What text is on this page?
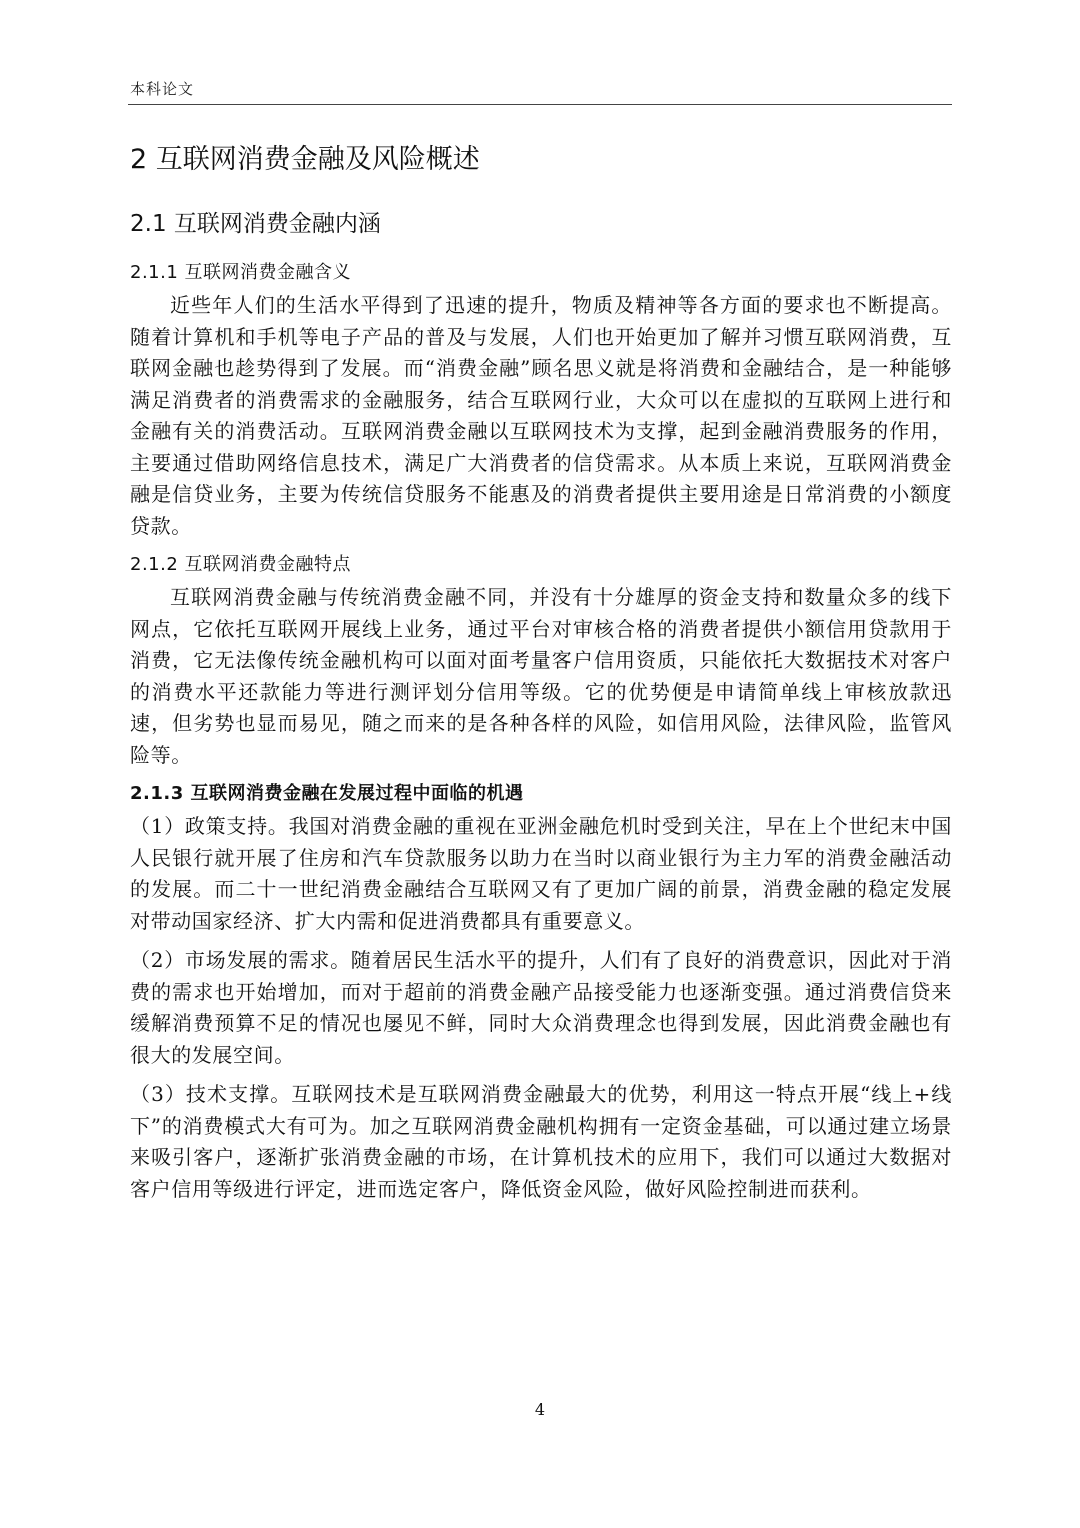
本科论文
2 互联网消费金融及风险概述
2.1 互联网消费金融内涵
2.1.1 互联网消费金融含义

近些年人们的生活水平得到了迅速的提升，物质及精神等各方面的要求也不断提高。随着计算机和手机等电子产品的普及与发展，人们也开始更加了解并习惯互联网消费，互联网金融也趁势得到了发展。而“消费金融”顾名思义就是将消费和金融结合，是一种能够满足消费者的消费需求的金融服务，结合互联网行业，大众可以在虚拟的互联网上进行和金融有关的消费活动。互联网消费金融以互联网技术为支撑，起到金融消费服务的作用，主要通过借助网络信息技术，满足广大消费者的信贷需求。从本质上来说，互联网消费金融是信贷业务，主要为传统信贷服务不能惠及的消费者提供主要用途是日常消费的小额度贷款。

2.1.2 互联网消费金融特点

互联网消费金融与传统消费金融不同，并没有十分雄厚的资金支持和数量众多的线下网点，它依托互联网开展线上业务，通过平台对审核合格的消费者提供小额信用贷款用于消费，它无法像传统金融机构可以面对面考量客户信用资质，只能依托大数据技术对客户的消费水平还款能力等进行测评划分信用等级。它的优势便是申请简单线上审核放款迅速，但劣势也显而易见，随之而来的是各种各样的风险，如信用风险，法律风险，监管风险等。

2.1.3 互联网消费金融在发展过程中面临的机遇

（1）政策支持。我国对消费金融的重视在亚洲金融危机时受到关注，早在上个世纪末中国人民银行就开展了住房和汽车贷款服务以助力在当时以商业银行为主力军的消费金融活动的发展。而二十一世纪消费金融结合互联网又有了更加广阔的前景，消费金融的稳定发展对带动国家经济、扩大内需和促进消费都具有重要意义。

（2）市场发展的需求。随着居民生活水平的提升，人们有了良好的消费意识，因此对于消费的需求也开始增加，而对于超前的消费金融产品接受能力也逐渐变强。通过消费信贷来缓解消费预算不足的情况也屡见不鲜，同时大众消费理念也得到发展，因此消费金融也有很大的发展空间。

（3）技术支撑。互联网技术是互联网消费金融最大的优势，利用这一特点开展“线上+线下”的消费模式大有可为。加之互联网消费金融机构拥有一定资金基础，可以通过建立场景来吸引客户，逐渐扩张消费金融的市场，在计算机技术的应用下，我们可以通过大数据对客户信用等级进行评定，进而选定客户，降低资金风险，做好风险控制进而获利。

4
